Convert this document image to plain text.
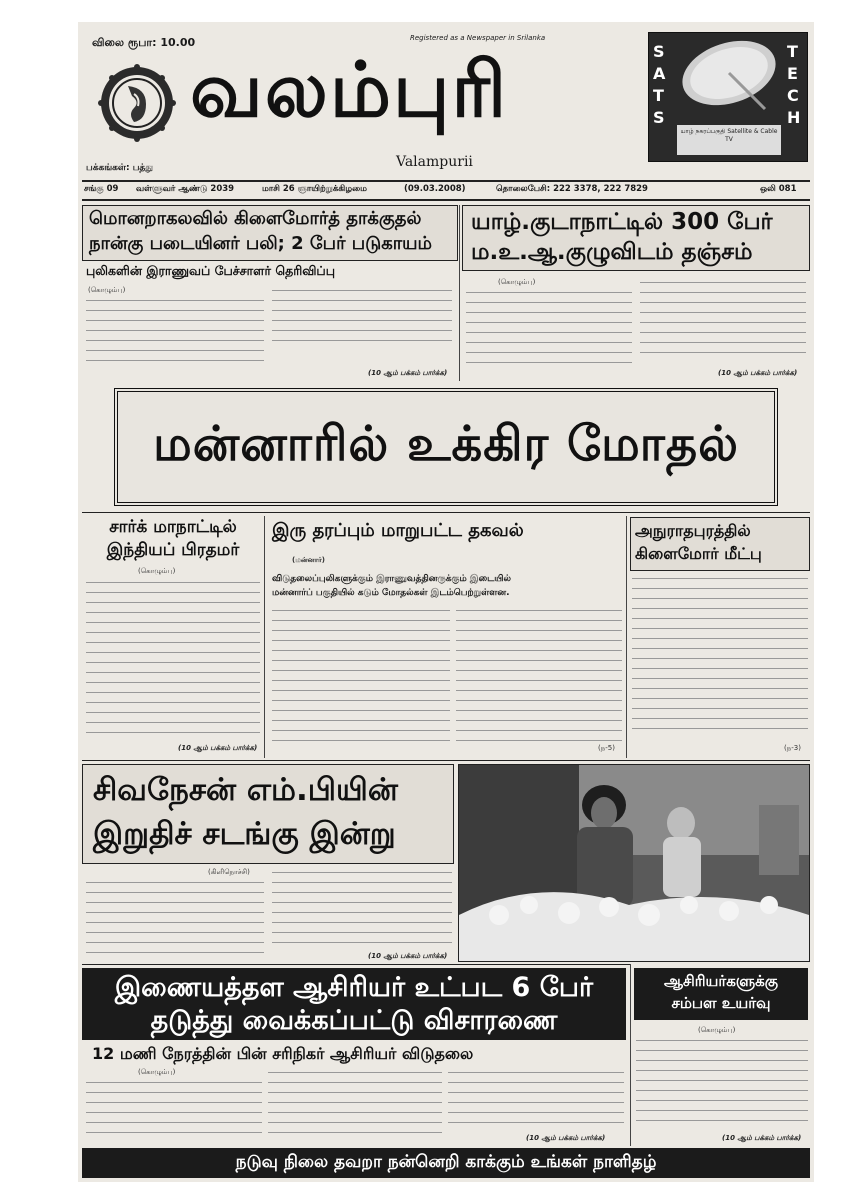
விலை ரூபா: 10.00	Registered as a Newspaper in Srilanka
வலம்புரி
Valampurii
பக்கங்கள்: பத்து
SATS
TECH
யாழ் நகரப்பகுதி Satellite & Cable TV
சங்கு 09 வள்ளுவர் ஆண்டு 2039	மாசி 26 ஞாயிற்றுக்கிழமை	(09.03.2008)	தொலைபேசி: 222 3378, 222 7829	ஒலி 081
மொனறாகலவில் கிளைமோர்த் தாக்குதல்
நான்கு படையினர் பலி; 2 பேர் படுகாயம்
புலிகளின் இராணுவப் பேச்சாளர் தெரிவிப்பு
(கொழும்பு)
(10 ஆம் பக்கம் பார்க்க)
யாழ்.குடாநாட்டில் 300 பேர்
ம.உ.ஆ.குழுவிடம் தஞ்சம்
(கொழும்பு)
(10 ஆம் பக்கம் பார்க்க)
மன்னாரில் உக்கிர மோதல்
சார்க் மாநாட்டில்
இந்தியப் பிரதமர்
(கொழும்பு)
(10 ஆம் பக்கம் பார்க்க)
இரு தரப்பும் மாறுபட்ட தகவல்
(மன்னார்)
விடுதலைப்புலிகளுக்கும் இராணுவத்தினருக்கும் இடையில்
மன்னார்ப் பகுதியில் கடும் மோதல்கள் இடம்பெற்றுள்ளன.
(ந-5)
அநுராதபுரத்தில்
கிளைமோர் மீட்பு
(ந-3)
சிவநேசன் எம்.பியின்
இறுதிச் சடங்கு இன்று
(கிளிநொச்சி)
(10 ஆம் பக்கம் பார்க்க)
இணையத்தள ஆசிரியர் உட்பட 6 பேர்
தடுத்து வைக்கப்பட்டு விசாரணை
12 மணி நேரத்தின் பின் சரிநிகர் ஆசிரியர் விடுதலை
(கொழும்பு)
(10 ஆம் பக்கம் பார்க்க)
ஆசிரியர்களுக்கு
சம்பள உயர்வு
(கொழும்பு)
(10 ஆம் பக்கம் பார்க்க)
நடுவு நிலை தவறா நன்னெறி காக்கும் உங்கள் நாளிதழ்
